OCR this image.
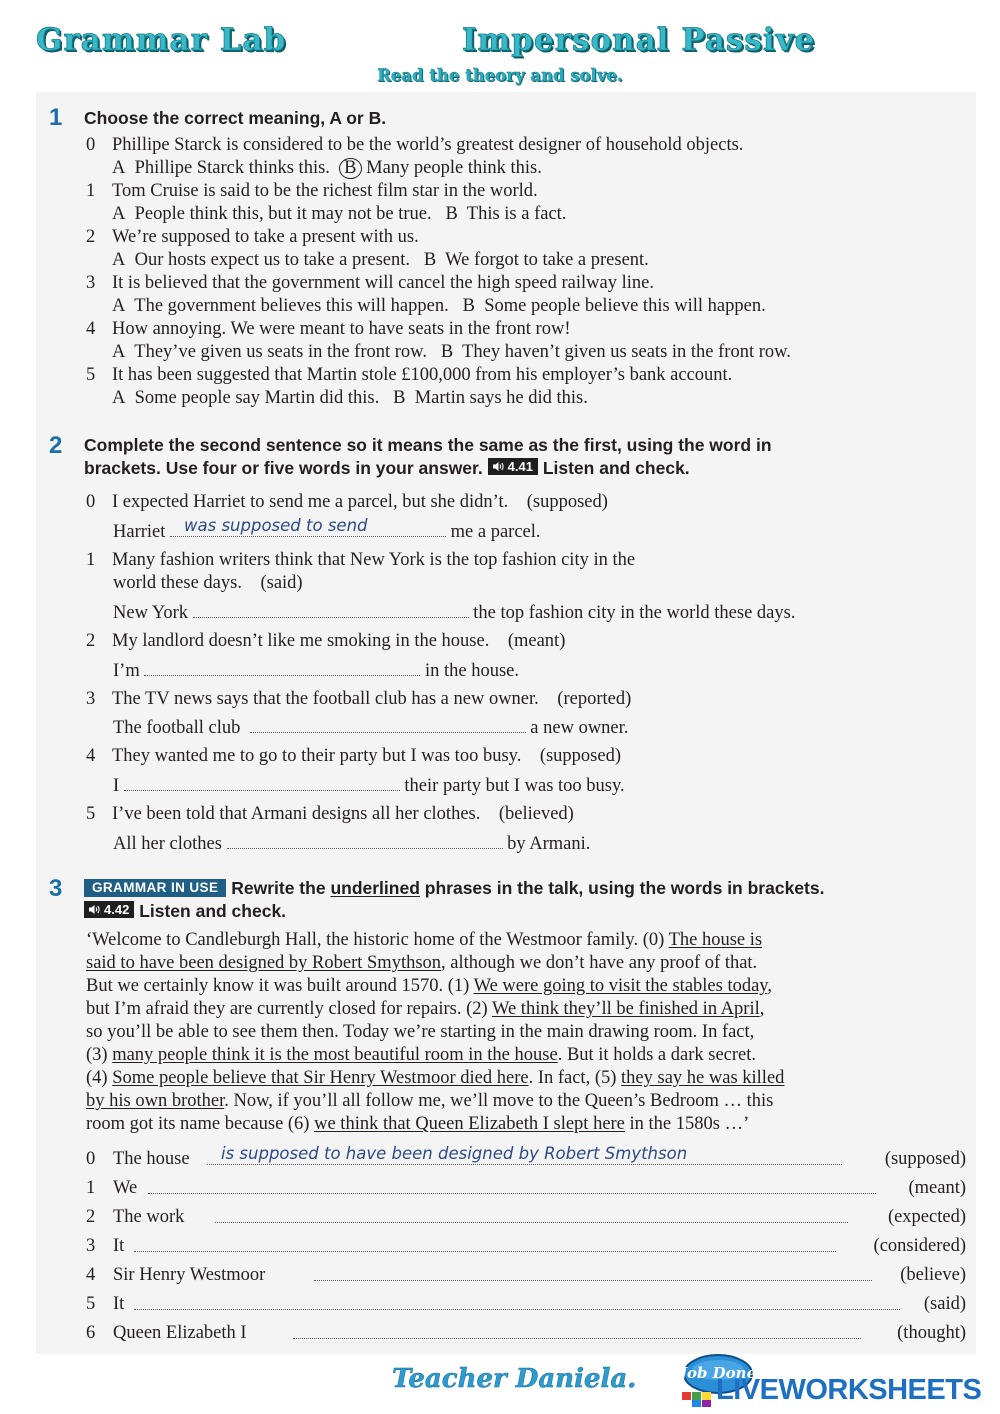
Grammar Lab	Impersonal Passive
Read the theory and solve.
1 Choose the correct meaning, A or B.
0 Phillipe Starck is considered to be the world’s greatest designer of household objects.
A Phillipe Starck thinks this. B Many people think this.
1 Tom Cruise is said to be the richest film star in the world.
A People think this, but it may not be true. B This is a fact.
2 We’re supposed to take a present with us.
A Our hosts expect us to take a present. B We forgot to take a present.
3 It is believed that the government will cancel the high speed railway line.
A The government believes this will happen. B Some people believe this will happen.
4 How annoying. We were meant to have seats in the front row!
A They’ve given us seats in the front row. B They haven’t given us seats in the front row.
5 It has been suggested that Martin stole £100,000 from his employer’s bank account.
A Some people say Martin did this. B Martin says he did this.
2 Complete the second sentence so it means the same as the first, using the word in
brackets. Use four or five words in your answer. 4.41 Listen and check.
0 I expected Harriet to send me a parcel, but she didn’t. (supposed)
Harriet was supposed to send	me a parcel.
1 Many fashion writers think that New York is the top fashion city in the
world these days. (said)
New York	the top fashion city in the world these days.
2 My landlord doesn’t like me smoking in the house. (meant)
I’m	in the house.
3 The TV news says that the football club has a new owner. (reported)
The football club	a new owner.
4 They wanted me to go to their party but I was too busy. (supposed)
I	their party but I was too busy.
5 I’ve been told that Armani designs all her clothes. (believed)
All her clothes	by Armani.
3	GRAMMAR IN USE Rewrite the underlined phrases in the talk, using the words in brackets.
4.42 Listen and check.
‘Welcome to Candleburgh Hall, the historic home of the Westmoor family. (0) The house is
said to have been designed by Robert Smythson, although we don’t have any proof of that.
But we certainly know it was built around 1570. (1) We were going to visit the stables today,
but I’m afraid they are currently closed for repairs. (2) We think they’ll be finished in April,
so you’ll be able to see them then. Today we’re starting in the main drawing room. In fact,
(3) many people think it is the most beautiful room in the house. But it holds a dark secret.
(4) Some people believe that Sir Henry Westmoor died here. In fact, (5) they say he was killed
by his own brother. Now, if you’ll all follow me, we’ll move to the Queen’s Bedroom … this
room got its name because (6) we think that Queen Elizabeth I slept here in the 1580s …’
0 The house is supposed to have been designed by Robert Smythson	(supposed)
1 We	(meant)
2 The work	(expected)
3 It	(considered)
4 Sir Henry Westmoor	(believe)
5 It	(said)
6 Queen Elizabeth I	(thought)
Teacher Daniela.	Job Done
LIVEWORKSHEETS
